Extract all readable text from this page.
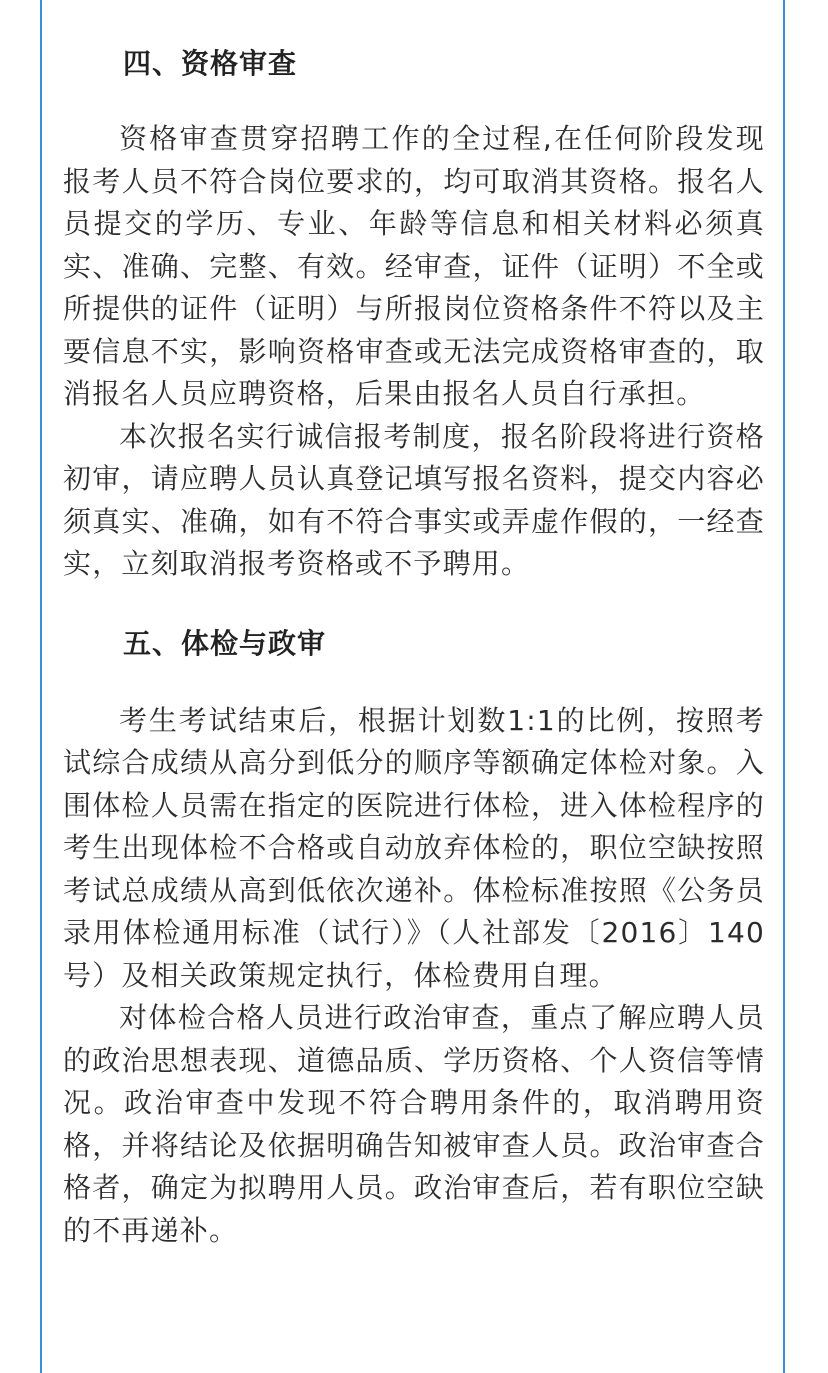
四、资格审查

资格审查贯穿招聘工作的全过程,在任何阶段发现报考人员不符合岗位要求的，均可取消其资格。报名人员提交的学历、专业、年龄等信息和相关材料必须真实、准确、完整、有效。经审查，证件（证明）不全或所提供的证件（证明）与所报岗位资格条件不符以及主要信息不实，影响资格审查或无法完成资格审查的，取消报名人员应聘资格，后果由报名人员自行承担。

本次报名实行诚信报考制度，报名阶段将进行资格初审，请应聘人员认真登记填写报名资料，提交内容必须真实、准确，如有不符合事实或弄虚作假的，一经查实，立刻取消报考资格或不予聘用。

五、体检与政审

考生考试结束后，根据计划数1:1的比例，按照考试综合成绩从高分到低分的顺序等额确定体检对象。入围体检人员需在指定的医院进行体检，进入体检程序的考生出现体检不合格或自动放弃体检的，职位空缺按照考试总成绩从高到低依次递补。体检标准按照《公务员录用体检通用标准（试行）》（人社部发〔2016〕140号）及相关政策规定执行，体检费用自理。

对体检合格人员进行政治审查，重点了解应聘人员的政治思想表现、道德品质、学历资格、个人资信等情况。政治审查中发现不符合聘用条件的，取消聘用资格，并将结论及依据明确告知被审查人员。政治审查合格者，确定为拟聘用人员。政治审查后，若有职位空缺的不再递补。
